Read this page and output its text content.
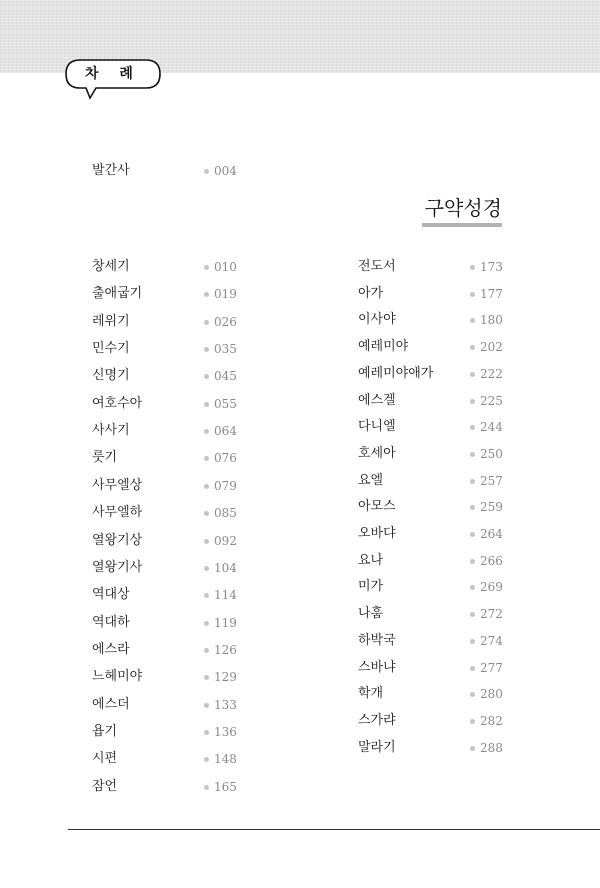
차 례
발간사	004
구약성경
창세기	010
출애굽기	019
레위기	026
민수기	035
신명기	045
여호수아	055
사사기	064
룻기	076
사무엘상	079
사무엘하	085
열왕기상	092
열왕기사	104
역대상	114
역대하	119
에스라	126
느헤미야	129
에스더	133
욥기	136
시편	148
잠언	165
전도서	173
아가	177
이사야	180
예레미야	202
예레미야애가	222
에스겔	225
다니엘	244
호세아	250
요엘	257
아모스	259
오바댜	264
요나	266
미가	269
나훔	272
하박국	274
스바냐	277
학개	280
스가랴	282
말라기	288
